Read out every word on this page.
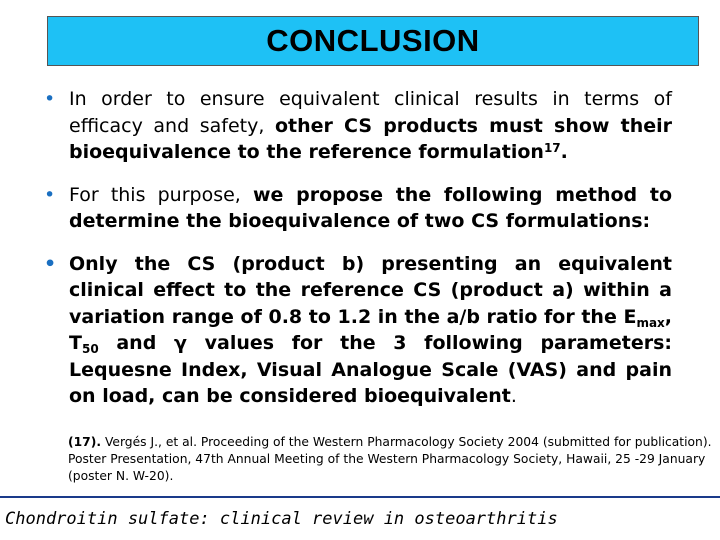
CONCLUSION
• In order to ensure equivalent clinical results in terms of efficacy and safety, other CS products must show their bioequivalence to the reference formulation$^{17}$.
• For this purpose, we propose the following method to determine the bioequivalence of two CS formulations:
• Only the CS (product b) presenting an equivalent clinical effect to the reference CS (product a) within a variation range of 0.8 to 1.2 in the a/b ratio for the $E_{max}$, $T_{50}$ and γ values for the 3 following parameters: Lequesne Index, Visual Analogue Scale (VAS) and pain on load, can be considered bioequivalent.
(17). Vergés J., et al. Proceeding of the Western Pharmacology Society 2004 (submitted for publication). Poster Presentation, 47th Annual Meeting of the Western Pharmacology Society, Hawaii, 25 -29 January (poster N. W-20).
Chondroitin sulfate: clinical review in osteoarthritis
